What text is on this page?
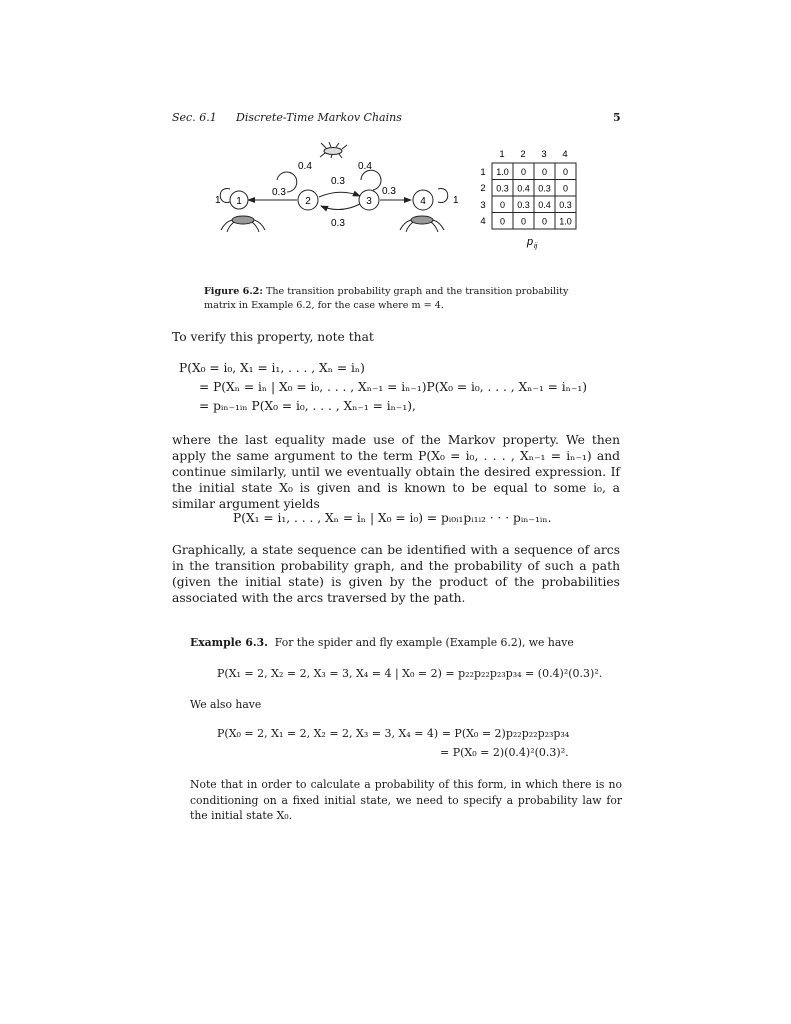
Sec. 6.1 Discrete-Time Markov Chains	5
1	2	3	4
1
0.4	0.4
1
0.3
0.3
0.3
0.3
1 2 3 4
1
2
3
4
1.0 0 0 0
0.3 0.4 0.3 0
0 0.3 0.4 0.3
0 0 0 1.0
p ij
Figure 6.2: The transition probability graph and the transition probability matrix in Example 6.2, for the case where m = 4.
To verify this property, note that
P(X₀ = i₀, X₁ = i₁, . . . , Xₙ = iₙ)
= P(Xₙ = iₙ | X₀ = i₀, . . . , Xₙ₋₁ = iₙ₋₁)P(X₀ = i₀, . . . , Xₙ₋₁ = iₙ₋₁)
= pᵢₙ₋₁ᵢₙ P(X₀ = i₀, . . . , Xₙ₋₁ = iₙ₋₁),
where the last equality made use of the Markov property. We then apply the same argument to the term P(X₀ = i₀, . . . , Xₙ₋₁ = iₙ₋₁) and continue similarly, until we eventually obtain the desired expression. If the initial state X₀ is given and is known to be equal to some i₀, a similar argument yields
P(X₁ = i₁, . . . , Xₙ = iₙ | X₀ = i₀) = pᵢ₀ᵢ₁pᵢ₁ᵢ₂ · · · pᵢₙ₋₁ᵢₙ.
Graphically, a state sequence can be identified with a sequence of arcs in the transition probability graph, and the probability of such a path (given the initial state) is given by the product of the probabilities associated with the arcs traversed by the path.
Example 6.3. For the spider and fly example (Example 6.2), we have
P(X₁ = 2, X₂ = 2, X₃ = 3, X₄ = 4 | X₀ = 2) = p₂₂p₂₂p₂₃p₃₄ = (0.4)²(0.3)².
We also have
P(X₀ = 2, X₁ = 2, X₂ = 2, X₃ = 3, X₄ = 4) = P(X₀ = 2)p₂₂p₂₂p₂₃p₃₄
= P(X₀ = 2)(0.4)²(0.3)².
Note that in order to calculate a probability of this form, in which there is no conditioning on a fixed initial state, we need to specify a probability law for the initial state X₀.
